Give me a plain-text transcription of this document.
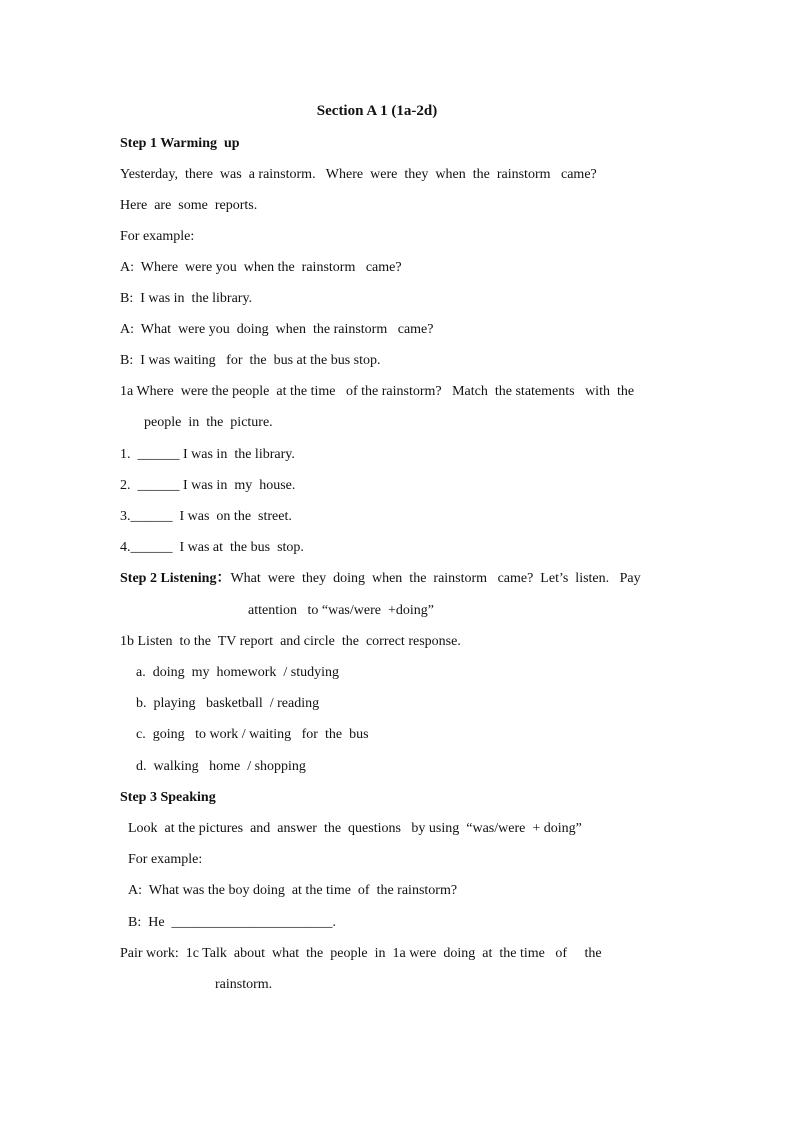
Section A 1 (1a-2d)
Step 1 Warming  up
Yesterday,  there  was  a rainstorm.   Where  were  they  when  the  rainstorm   came?
Here  are  some  reports.
For example:
A:  Where  were you  when the  rainstorm   came?
B:  I was in  the library.
A:  What  were you  doing  when  the rainstorm   came?
B:  I was waiting   for  the  bus at the bus stop.
1a Where  were the people  at the time   of the rainstorm?   Match  the statements   with  the
people  in  the  picture.
1.  ______ I was in  the library.
2.  ______ I was in  my  house.
3.______  I was  on the  street.
4.______  I was at  the bus  stop.
Step 2 Listening：What  were  they  doing  when  the  rainstorm   came?  Let’s  listen.   Pay
attention   to “was/were  +doing”
1b Listen  to the  TV report  and circle  the  correct response.
a.  doing  my  homework  / studying
b.  playing   basketball  / reading
c.  going   to work / waiting   for  the  bus
d.  walking   home  / shopping
Step 3 Speaking
Look  at the pictures  and  answer  the  questions   by using  “was/were  + doing”
For example:
A:  What was the boy doing  at the time  of  the rainstorm?
B:  He  _______________________.
Pair work:  1c Talk  about  what  the  people  in  1a were  doing  at  the time   of     the
rainstorm.
